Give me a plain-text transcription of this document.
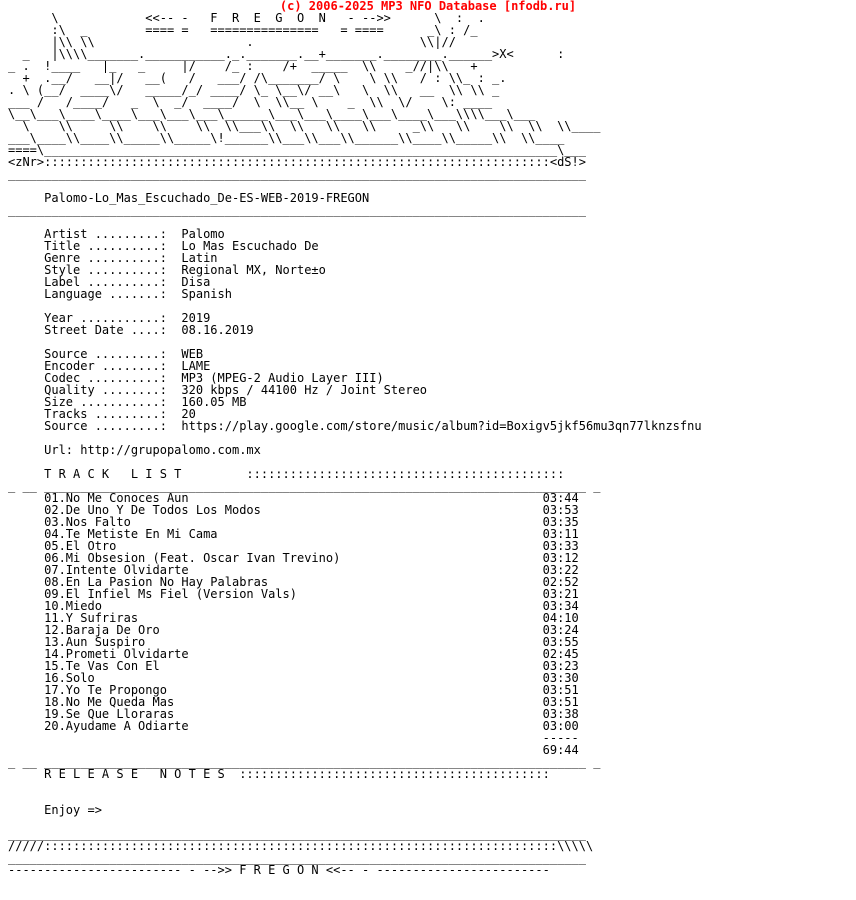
(c) 2006-2025 MP3 NFO Database [nfodb.ru]
\            <<-- -   F  R  E  G  O  N   - -->>      \  :  .
:\  _        ==== =   ===============   = ====      _\ : /_
|\\ \\                     .                       \\|//
_   |\\\\_______.___________._._______.__+_______.________.______>X<      :
_ .  !____   |_   _     |/    /_ :    /+  _____  \\    _//|\\   +
+  .__/   __|/   __(   /   ___/ /\_______/ \    \ \\   / : \\_ : _.
. \ (__/  ____\/   _____/_/ ____/ \_ \__\/ __\   \  \\   __  \\ \\ _
___ /   /____/   _  \  _/  ____/  \  \\__ \    _  \\  \/    \: ____
\__\___\____\____\___\___\___\______\___\___\____\___\____\___\\\\___\___
\    \\     \\    \\    \\  \\___\\  \\   \\   \\     _\\   \\    \\  \\  \\____
___\____\\____\\_____\\_____\!______\\___\\___\\______\\____\\_____\\  \\____
====\_______________________________________________________________________\___
<zNr>::::::::::::::::::::::::::::::::::::::::::::::::::::::::::::::::::::::<dS!>
________________________________________________________________________________

Palomo-Lo_Mas_Escuchado_De-ES-WEB-2019-FREGON
________________________________________________________________________________

Artist .........:  Palomo
Title ..........:  Lo Mas Escuchado De
Genre ..........:  Latin
Style ..........:  Regional MX, Norte±o
Label ..........:  Disa
Language .......:  Spanish

Year ...........:  2019
Street Date ....:  08.16.2019

Source .........:  WEB
Encoder ........:  LAME
Codec ..........:  MP3 (MPEG-2 Audio Layer III)
Quality ........:  320 kbps / 44100 Hz / Joint Stereo
Size ...........:  160.05 MB
Tracks .........:  20
Source .........:  https://play.google.com/store/music/album?id=Boxigv5jkf56mu3qn77lknzsfnu

Url: http://grupopalomo.com.mx

T R A C K   L I S T         ::::::::::::::::::::::::::::::::::::::::::::
_ __ ___________________________________________________________________________ _
01.No Me Conoces Aun                                                 03:44
02.De Uno Y De Todos Los Modos                                       03:53
03.Nos Falto                                                         03:35
04.Te Metiste En Mi Cama                                             03:11
05.El Otro                                                           03:33
06.Mi Obsesion (Feat. Oscar Ivan Trevino)                            03:12
07.Intente Olvidarte                                                 03:22
08.En La Pasion No Hay Palabras                                      02:52
09.El Infiel Ms Fiel (Version Vals)                                  03:21
10.Miedo                                                             03:34
11.Y Sufriras                                                        04:10
12.Baraja De Oro                                                     03:24
13.Aun Suspiro                                                       03:55
14.Prometi Olvidarte                                                 02:45
15.Te Vas Con El                                                     03:23
16.Solo                                                              03:30
17.Yo Te Propongo                                                    03:51
18.No Me Queda Mas                                                   03:51
19.Se Que Lloraras                                                   03:38
20.Ayudame A Odiarte                                                 03:00
-----
69:44
_ __ ___________________________________________________________________________ _
R E L E A S E   N O T E S  :::::::::::::::::::::::::::::::::::::::::::

Enjoy =>

________________________________________________________________________________
/////:::::::::::::::::::::::::::::::::::::::::::::::::::::::::::::::::::::::\\\\\
________________________________________________________________________________
------------------------ - -->> F R E G O N <<-- - ------------------------
